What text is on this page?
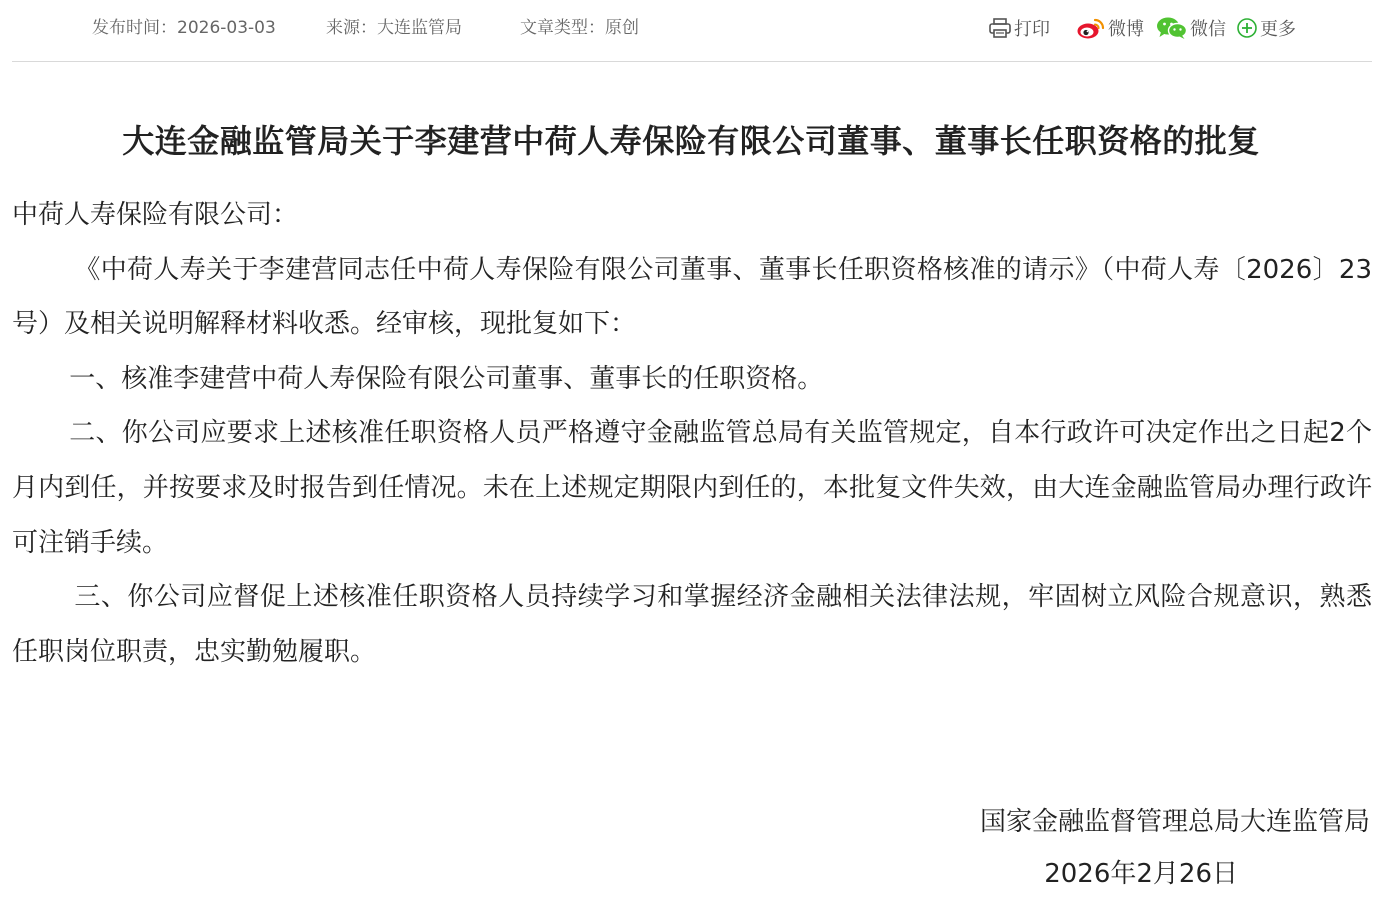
发布时间：2026-03-03	来源：大连监管局	文章类型：原创	打印	微博	微信 更多
大连金融监管局关于李建营中荷人寿保险有限公司董事、董事长任职资格的批复

中荷人寿保险有限公司：

《中荷人寿关于李建营同志任中荷人寿保险有限公司董事、董事长任职资格核准的请示》（中荷人寿〔2026〕23号）及相关说明解释材料收悉。经审核，现批复如下：

一、核准李建营中荷人寿保险有限公司董事、董事长的任职资格。

二、你公司应要求上述核准任职资格人员严格遵守金融监管总局有关监管规定，自本行政许可决定作出之日起2个月内到任，并按要求及时报告到任情况。未在上述规定期限内到任的，本批复文件失效，由大连金融监管局办理行政许可注销手续。

三、你公司应督促上述核准任职资格人员持续学习和掌握经济金融相关法律法规，牢固树立风险合规意识，熟悉任职岗位职责，忠实勤勉履职。

国家金融监督管理总局大连监管局
2026年2月26日
